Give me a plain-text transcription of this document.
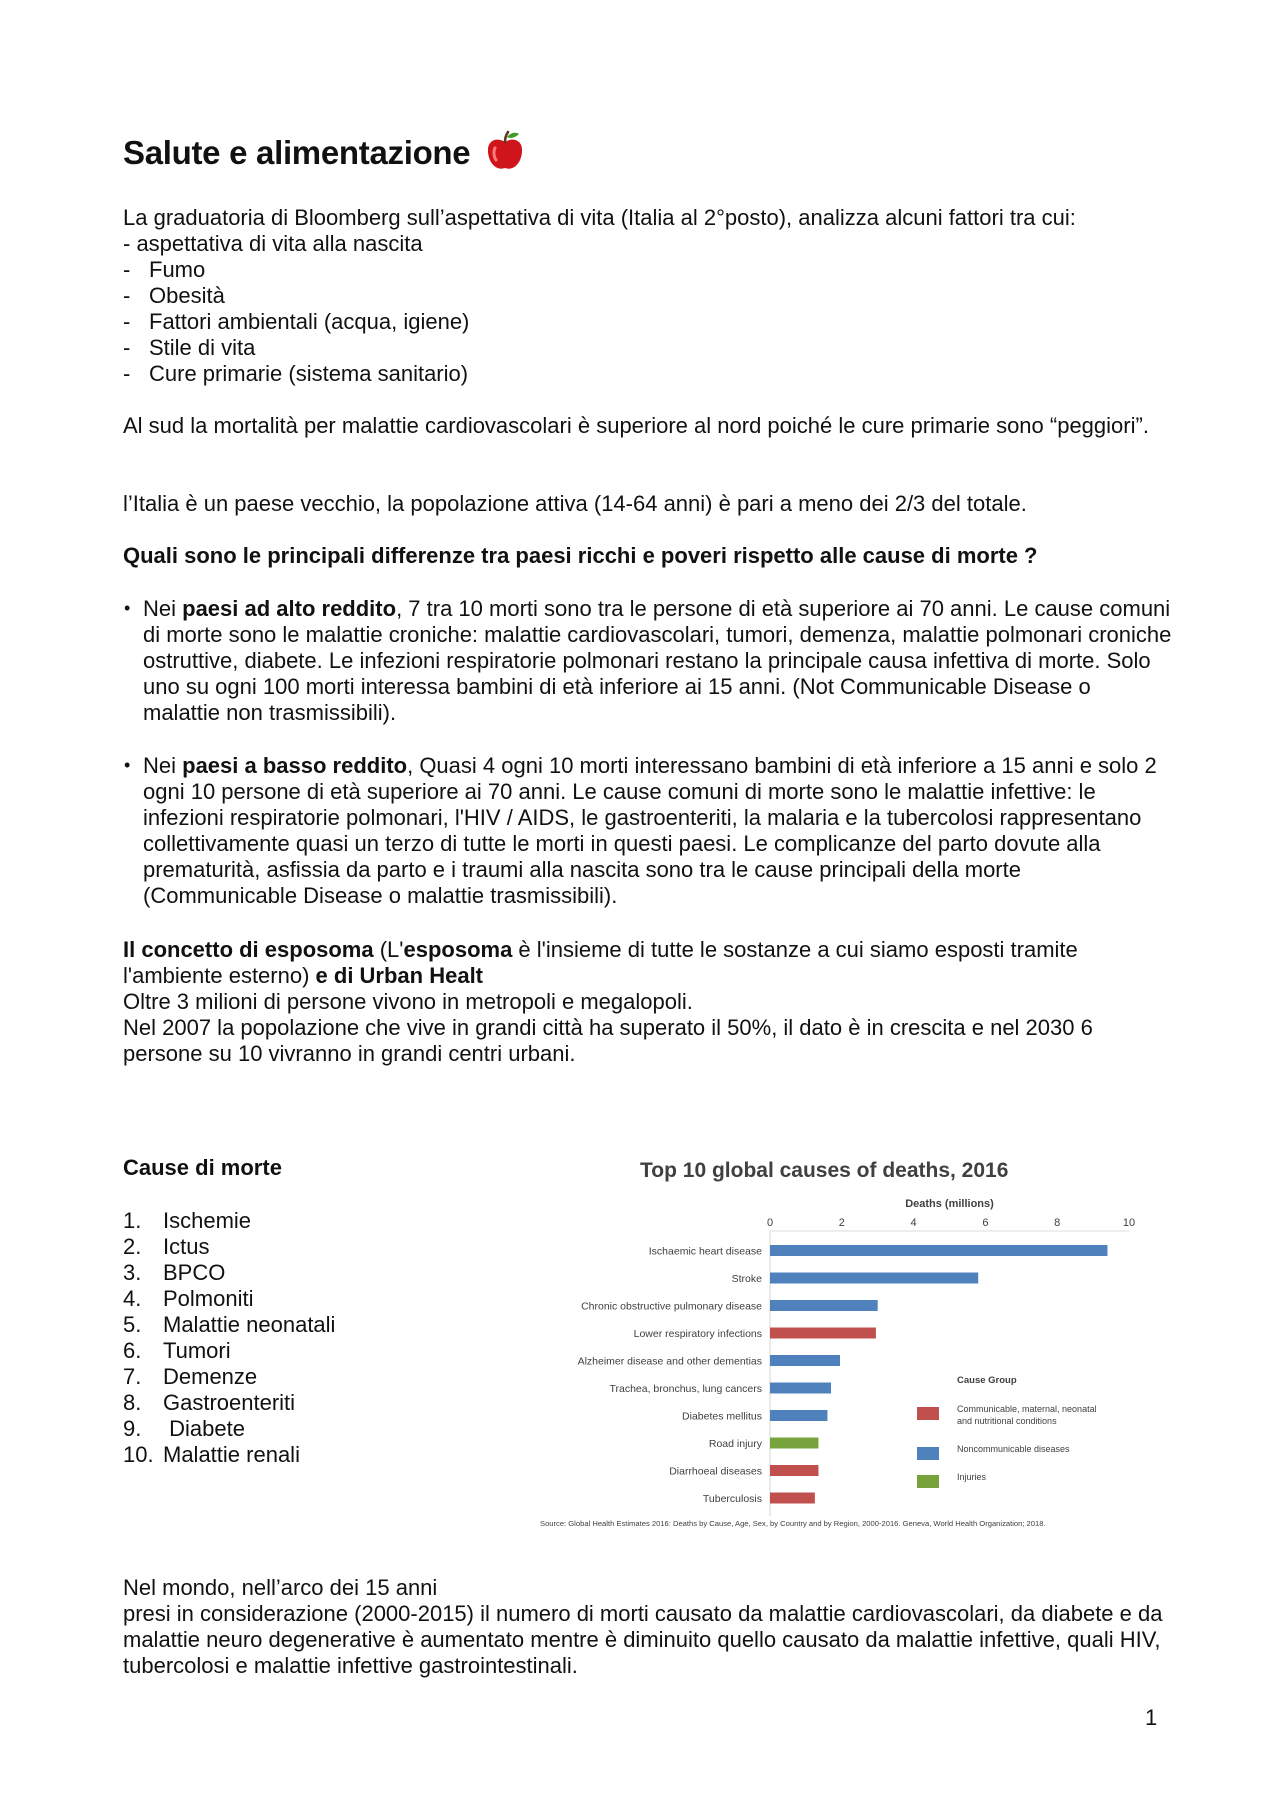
Salute e alimentazione
La graduatoria di Bloomberg sull’aspettativa di vita (Italia al 2°posto), analizza alcuni fattori tra cui:
- aspettativa di vita alla nascita
- Fumo
- Obesità
- Fattori ambientali (acqua, igiene)
- Stile di vita
- Cure primarie (sistema sanitario)
Al sud la mortalità per malattie cardiovascolari è superiore al nord poiché le cure primarie sono “peggiori”.
l’Italia è un paese vecchio, la popolazione attiva (14-64 anni) è pari a meno dei 2/3 del totale.
Quali sono le principali differenze tra paesi ricchi e poveri rispetto alle cause di morte ?
• Nei paesi ad alto reddito, 7 tra 10 morti sono tra le persone di età superiore ai 70 anni. Le cause comuni di morte sono le malattie croniche: malattie cardiovascolari, tumori, demenza, malattie polmonari croniche ostruttive, diabete. Le infezioni respiratorie polmonari restano la principale causa infettiva di morte. Solo uno su ogni 100 morti interessa bambini di età inferiore ai 15 anni. (Not Communicable Disease o malattie non trasmissibili).
• Nei paesi a basso reddito, Quasi 4 ogni 10 morti interessano bambini di età inferiore a 15 anni e solo 2 ogni 10 persone di età superiore ai 70 anni. Le cause comuni di morte sono le malattie infettive: le infezioni respiratorie polmonari, l'HIV / AIDS, le gastroenteriti, la malaria e la tubercolosi rappresentano collettivamente quasi un terzo di tutte le morti in questi paesi. Le complicanze del parto dovute alla prematurità, asfissia da parto e i traumi alla nascita sono tra le cause principali della morte (Communicable Disease o malattie trasmissibili).
Il concetto di esposoma (L'esposoma è l'insieme di tutte le sostanze a cui siamo esposti tramite l'ambiente esterno) e di Urban Healt
Oltre 3 milioni di persone vivono in metropoli e megalopoli.
Nel 2007 la popolazione che vive in grandi città ha superato il 50%, il dato è in crescita e nel 2030 6 persone su 10 vivranno in grandi centri urbani.
Cause di morte
1. Ischemie
2. Ictus
3. BPCO
4. Polmoniti
5. Malattie neonatali
6. Tumori
7. Demenze
8. Gastroenteriti
9. Diabete
10. Malattie renali
Nel mondo, nell’arco dei 15 anni
presi in considerazione (2000-2015) il numero di morti causato da malattie cardiovascolari, da diabete e da malattie neuro degenerative è aumentato mentre è diminuito quello causato da malattie infettive, quali HIV, tubercolosi e malattie infettive gastrointestinali.
Top 10 global causes of deaths, 2016
Deaths (millions)
0	2	4	6	8	10
Ischaemic heart disease
Stroke
Chronic obstructive pulmonary disease
Lower respiratory infections
Alzheimer disease and other dementias
Trachea, bronchus, lung cancers
Diabetes mellitus
Road injury
Diarrhoeal diseases
Tuberculosis
Cause Group
Communicable, maternal, neonatal
and nutritional conditions
Noncommunicable diseases
Injuries
Source: Global Health Estimates 2016: Deaths by Cause, Age, Sex, by Country and by Region, 2000-2016. Geneva, World Health Organization; 2018.
1
